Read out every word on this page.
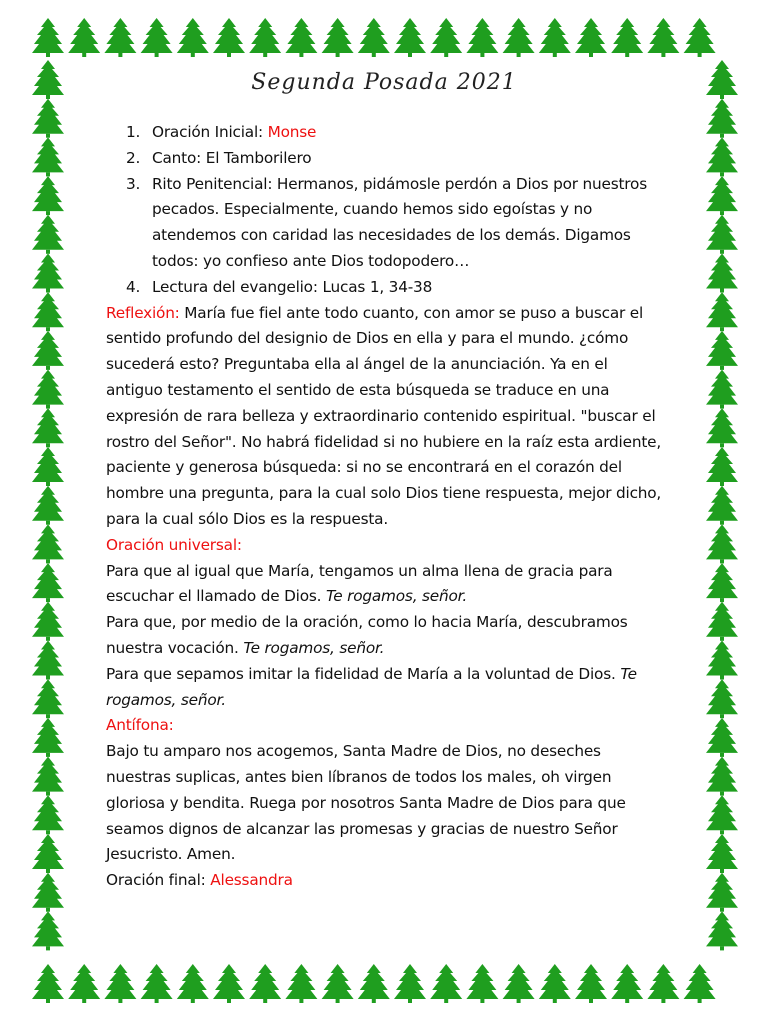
Segunda Posada 2021
1. Oración Inicial: Monse
2. Canto: El Tamborilero
3. Rito Penitencial: Hermanos, pidámosle perdón a Dios por nuestros pecados. Especialmente, cuando hemos sido egoístas y no atendemos con caridad las necesidades de los demás. Digamos todos: yo confieso ante Dios todopodero…
4. Lectura del evangelio: Lucas 1, 34-38

Reflexión: María fue fiel ante todo cuanto, con amor se puso a buscar el sentido profundo del designio de Dios en ella y para el mundo. ¿cómo sucederá esto? Preguntaba ella al ángel de la anunciación. Ya en el antiguo testamento el sentido de esta búsqueda se traduce en una expresión de rara belleza y extraordinario contenido espiritual. "buscar el rostro del Señor". No habrá fidelidad si no hubiere en la raíz esta ardiente, paciente y generosa búsqueda: si no se encontrará en el corazón del hombre una pregunta, para la cual solo Dios tiene respuesta, mejor dicho, para la cual sólo Dios es la respuesta.

Oración universal:

Para que al igual que María, tengamos un alma llena de gracia para escuchar el llamado de Dios. Te rogamos, señor.

Para que, por medio de la oración, como lo hacia María, descubramos nuestra vocación. Te rogamos, señor.

Para que sepamos imitar la fidelidad de María a la voluntad de Dios. Te rogamos, señor.

Antífona:

Bajo tu amparo nos acogemos, Santa Madre de Dios, no deseches nuestras suplicas, antes bien líbranos de todos los males, oh virgen gloriosa y bendita. Ruega por nosotros Santa Madre de Dios para que seamos dignos de alcanzar las promesas y gracias de nuestro Señor Jesucristo. Amen.

Oración final: Alessandra
